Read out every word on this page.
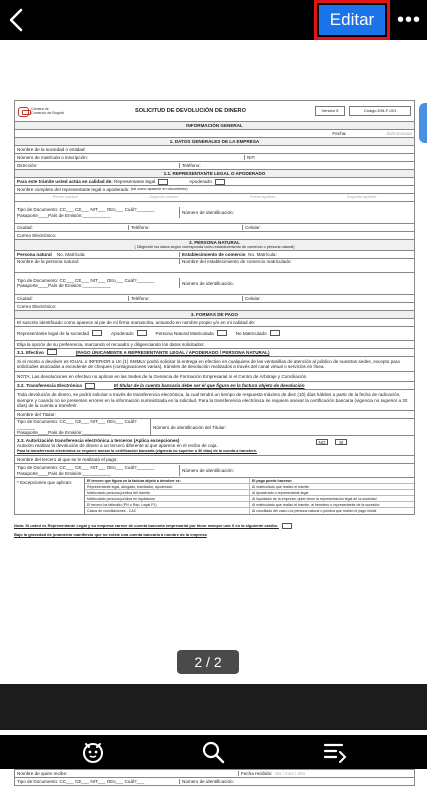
Editar	•••
Cámara de Comercio de Bogotá	SOLICITUD DE DEVOLUCIÓN DE DINERO	Versión 5	Código DIN-F-001
INFORMACIÓN GENERAL
Fecha:	dd/mm/aaaa
1. DATOS GENERALES DE LA EMPRESA
Nombre de la sociedad o entidad:
Número de matrícula o inscripción:	NIT:
Dirección:	Teléfono:
1.1. REPRESENTANTE LEGAL O APODERADO
Para este trámite usted actúa en calidad de:
Representante legal	Apoderado
Nombre completo del representante legal o apoderado:
(tal como aparece en documento)
Primer nombre	Segundo nombre	Primer apellido	Segundo apellido
Tipo de Documento: CC___ CE___ NIT___ Otro___ Cuál?_______
Pasaporte____País de Emisión:___________
Número de identificación:
Ciudad:	Teléfono:	Celular:
Correo Electrónico:
2. PERSONA NATURAL
( Diligencie los datos según corresponda como establecimiento de comercio o persona natural)
Persona natural
No. Matrícula:	Establecimiento de comercio
No. Matrícula:
Nombre de la persona natural:	Nombre del establecimiento de comercio matriculado:
Tipo de Documento: CC___ CE___ NIT___ Otro___ Cuál?_______
Pasaporte____País de Emisión:___________
Número de identificación:
Ciudad:	Teléfono:	Celular:
Correo Electrónico:
3. FORMAS DE PAGO
El suscrito identificado como aparece al pie de mi firma manuscrita, actuando en nombre propio y/o en mi calidad de:
Representante legal de la sociedad	Apoderado	Persona Natural Matriculada	No Matriculado
Elija la opción de su preferencia, marcando el recuadro y diligenciando los datos solicitados:
3.1. Efectivo	(PAGO ÚNICAMENTE A REPRESENTANTE LEGAL / APODERADO / PERSONA NATURAL)
Si el monto a devolver es IGUAL o INFERIOR a Un (1) SMMLV podrá solicitar la entrega en efectivo en cualquiera de las ventanillas de atención al público de nuestras sedes, excepto para solicitudes asociadas a excedente de cheques (consignaciones varias), trámites de devolución realizados a través del canal virtual o servicios en línea.
NOTA: Las devoluciones en efectivo no aplican en las Sedes de la Gerencia de Formación Empresarial ni el Centro de Arbitraje y Conciliación.
3.2. Transferencia Electrónica	El titular de la cuenta bancaria debe ser el que figura en la factura objeto de devolución
Toda devolución de dinero, se podrá solicitar a través de transferencia electrónica, la cual tendrá un tiempo de respuesta máximo de diez (10) días hábiles a partir de la fecha de radicación, siempre y cuando no se presenten errores en la información suministrada en la solicitud. Para la transferencia electrónica se requiere anexar la certificación bancaria (vigencia no superior a 30 días) de la cuenta a transferir.
Nombre del Titular:
Tipo de Documento: CC___ CE___ NIT___ Otro___ Cuál?_______
Pasaporte____País de Emisión:___________
Número de identificación del Titular:
3.3. Autorización transferencia electrónica a terceros (Aplica excepciones)
Autorizo realizar la devolución de dinero a un tercero diferente al que aparece en el recibo de caja.
Para la transferencia electrónica se requiere anexar la certificación bancaria (vigencia no superior a 30 días) de la cuenta a transferir.
NO	SI
Nombre del tercero al que se le realizará el pago:
Tipo de Documento: CC___ CE___ NIT___ Otro___ Cuál?_______
Pasaporte____País de Emisión:___________
Número de identificación:
* Excepciones que aplican:	El tercero que figura en la factura objeto a devolver es:	El pago puede hacerse:
Representante legal, abogado, tramitador, apoderado	Al matriculado que realizó el trámite
Matriculado persona jurídica del trámite	Al Apoderado o representante legal
Matriculado persona jurídica en liquidación	Al liquidador de la empresa, quien tiene la representación legal de la sociedad
El tercero ha fallecido (PN o Rep. Legal PJ)	Al matriculado que realizó el trámite, al heredero o representante de la sucesión
Casos de conciliaciones - CAC	Al conciliado del caso o la persona natural o jurídica que realizó el pago inicial
Nota: Si usted es Representante Legal y su empresa carece de cuenta bancaria empresarial por favor marque una X en la siguiente casilla:
Bajo la gravedad de juramento manifiesto que no existe una cuenta bancaria a nombre de la empresa
Nombre de quien recibe:	Fecha recibido:
dia / mes / año
Tipo de Documento: CC___ CE___ NIT___ Otro___ Cuál?___	Número de identificación:
2 / 2
